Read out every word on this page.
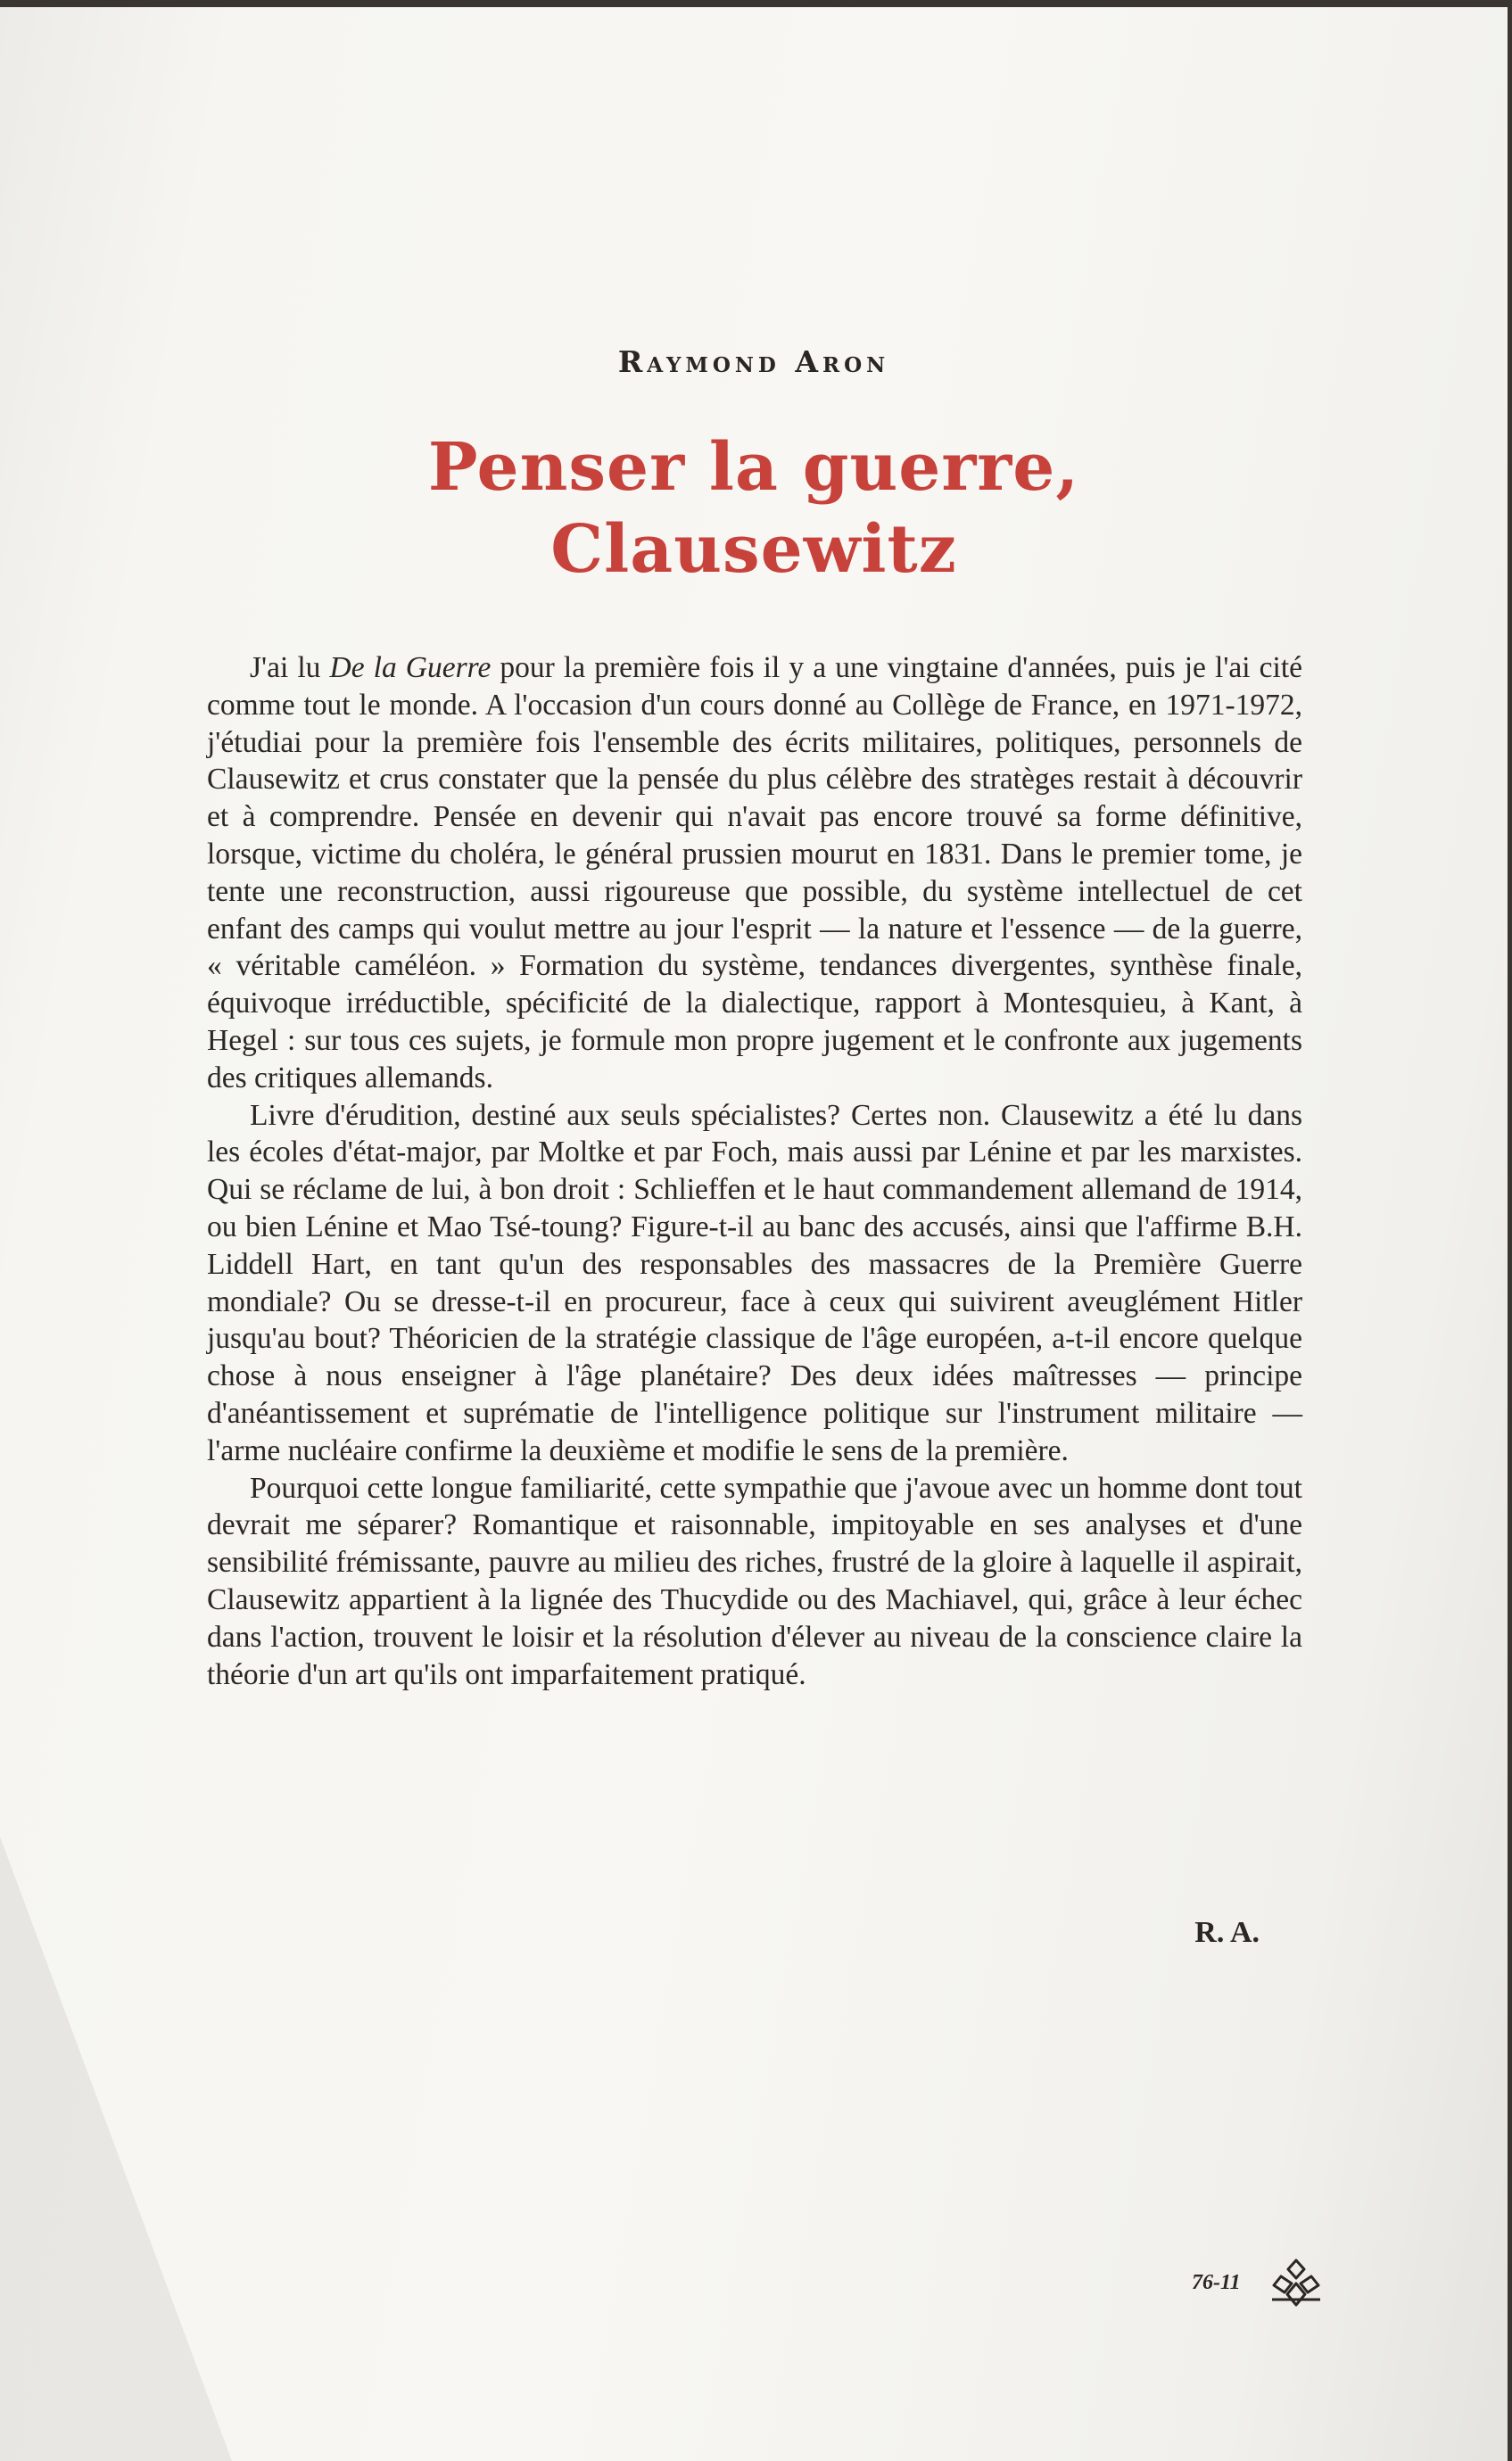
Raymond Aron
Penser la guerre,
Clausewitz

J'ai lu De la Guerre pour la première fois il y a une vingtaine d'années, puis je l'ai cité comme tout le monde. A l'occasion d'un cours donné au Collège de France, en 1971-1972, j'étudiai pour la première fois l'ensemble des écrits militaires, politiques, personnels de Clausewitz et crus constater que la pensée du plus célèbre des stratèges restait à découvrir et à comprendre. Pensée en devenir qui n'avait pas encore trouvé sa forme définitive, lorsque, victime du choléra, le général prussien mourut en 1831. Dans le premier tome, je tente une reconstruction, aussi rigoureuse que possible, du système intellectuel de cet enfant des camps qui voulut mettre au jour l'esprit — la nature et l'essence — de la guerre, « véritable caméléon. » Formation du système, tendances divergentes, synthèse finale, équivoque irréductible, spécificité de la dialectique, rapport à Montesquieu, à Kant, à Hegel : sur tous ces sujets, je formule mon propre jugement et le confronte aux jugements des critiques allemands.

Livre d'érudition, destiné aux seuls spécialistes? Certes non. Clausewitz a été lu dans les écoles d'état-major, par Moltke et par Foch, mais aussi par Lénine et par les marxistes. Qui se réclame de lui, à bon droit : Schlieffen et le haut commandement allemand de 1914, ou bien Lénine et Mao Tsé-toung? Figure-t-il au banc des accusés, ainsi que l'affirme B.H. Liddell Hart, en tant qu'un des responsables des massacres de la Première Guerre mondiale? Ou se dresse-t-il en procureur, face à ceux qui suivirent aveuglément Hitler jusqu'au bout? Théoricien de la stratégie classique de l'âge européen, a-t-il encore quelque chose à nous enseigner à l'âge planétaire? Des deux idées maîtresses — principe d'anéantissement et suprématie de l'intelligence politique sur l'instrument militaire — l'arme nucléaire confirme la deuxième et modifie le sens de la première.

Pourquoi cette longue familiarité, cette sympathie que j'avoue avec un homme dont tout devrait me séparer? Romantique et raisonnable, impitoyable en ses analyses et d'une sensibilité frémissante, pauvre au milieu des riches, frustré de la gloire à laquelle il aspirait, Clausewitz appartient à la lignée des Thucydide ou des Machiavel, qui, grâce à leur échec dans l'action, trouvent le loisir et la résolution d'élever au niveau de la conscience claire la théorie d'un art qu'ils ont imparfaitement pratiqué.

R. A.
76-11
